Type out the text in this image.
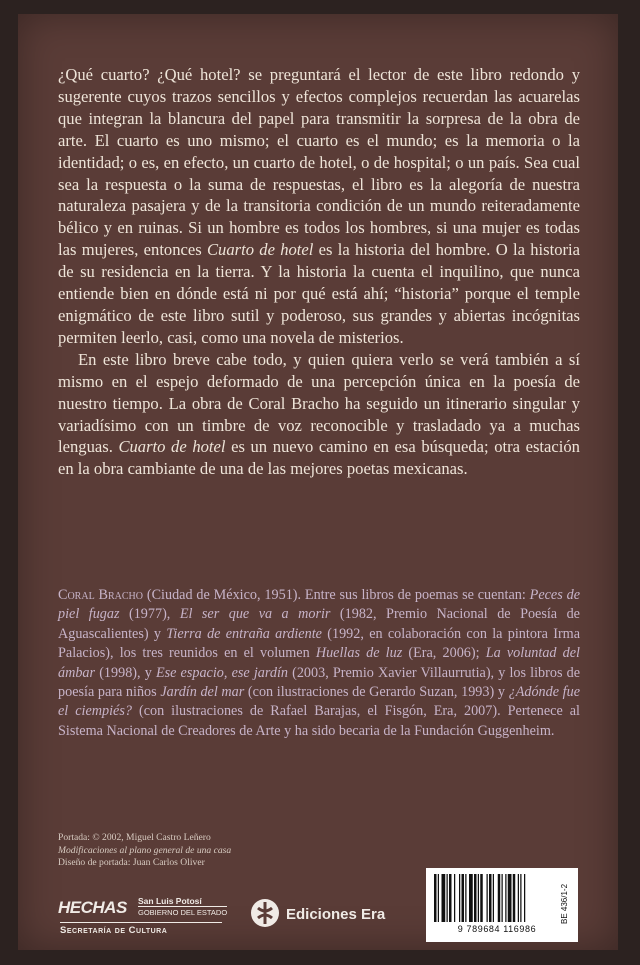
¿Qué cuarto? ¿Qué hotel? se preguntará el lector de este libro redondo y sugerente cuyos trazos sencillos y efectos complejos recuerdan las acuarelas que integran la blancura del papel para transmitir la sorpresa de la obra de arte. El cuarto es uno mismo; el cuarto es el mundo; es la memoria o la identidad; o es, en efecto, un cuarto de hotel, o de hospital; o un país. Sea cual sea la respuesta o la suma de respuestas, el libro es la alegoría de nuestra naturaleza pasajera y de la transitoria condición de un mundo reiteradamente bélico y en ruinas. Si un hombre es todos los hombres, si una mujer es todas las mujeres, entonces Cuarto de hotel es la historia del hombre. O la historia de su residencia en la tierra. Y la historia la cuenta el inquilino, que nunca entiende bien en dónde está ni por qué está ahí; “historia” porque el temple enigmático de este libro sutil y poderoso, sus grandes y abiertas incógnitas permiten leerlo, casi, como una novela de misterios.

En este libro breve cabe todo, y quien quiera verlo se verá también a sí mismo en el espejo deformado de una percepción única en la poesía de nuestro tiempo. La obra de Coral Bracho ha seguido un itinerario singular y variadísimo con un timbre de voz reconocible y trasladado ya a muchas lenguas. Cuarto de hotel es un nuevo camino en esa búsqueda; otra estación en la obra cambiante de una de las mejores poetas mexicanas.

Coral Bracho (Ciudad de México, 1951). Entre sus libros de poemas se cuentan: Peces de piel fugaz (1977), El ser que va a morir (1982, Premio Nacional de Poesía de Aguascalientes) y Tierra de entraña ardiente (1992, en colaboración con la pintora Irma Palacios), los tres reunidos en el volumen Huellas de luz (Era, 2006); La voluntad del ámbar (1998), y Ese espacio, ese jardín (2003, Premio Xavier Villaurrutia), y los libros de poesía para niños Jardín del mar (con ilustraciones de Gerardo Suzan, 1993) y ¿Adónde fue el ciempiés? (con ilustraciones de Rafael Barajas, el Fisgón, Era, 2007). Pertenece al Sistema Nacional de Creadores de Arte y ha sido becaria de la Fundación Guggenheim.

Portada: © 2002, Miguel Castro Leñero
Modificaciones al plano general de una casa
Diseño de portada: Juan Carlos Oliver
HECHAS San Luis Potosí
GOBIERNO DEL ESTADO
Secretaría de Cultura
Ediciones Era
9 789684 116986
BE 436/1-2
